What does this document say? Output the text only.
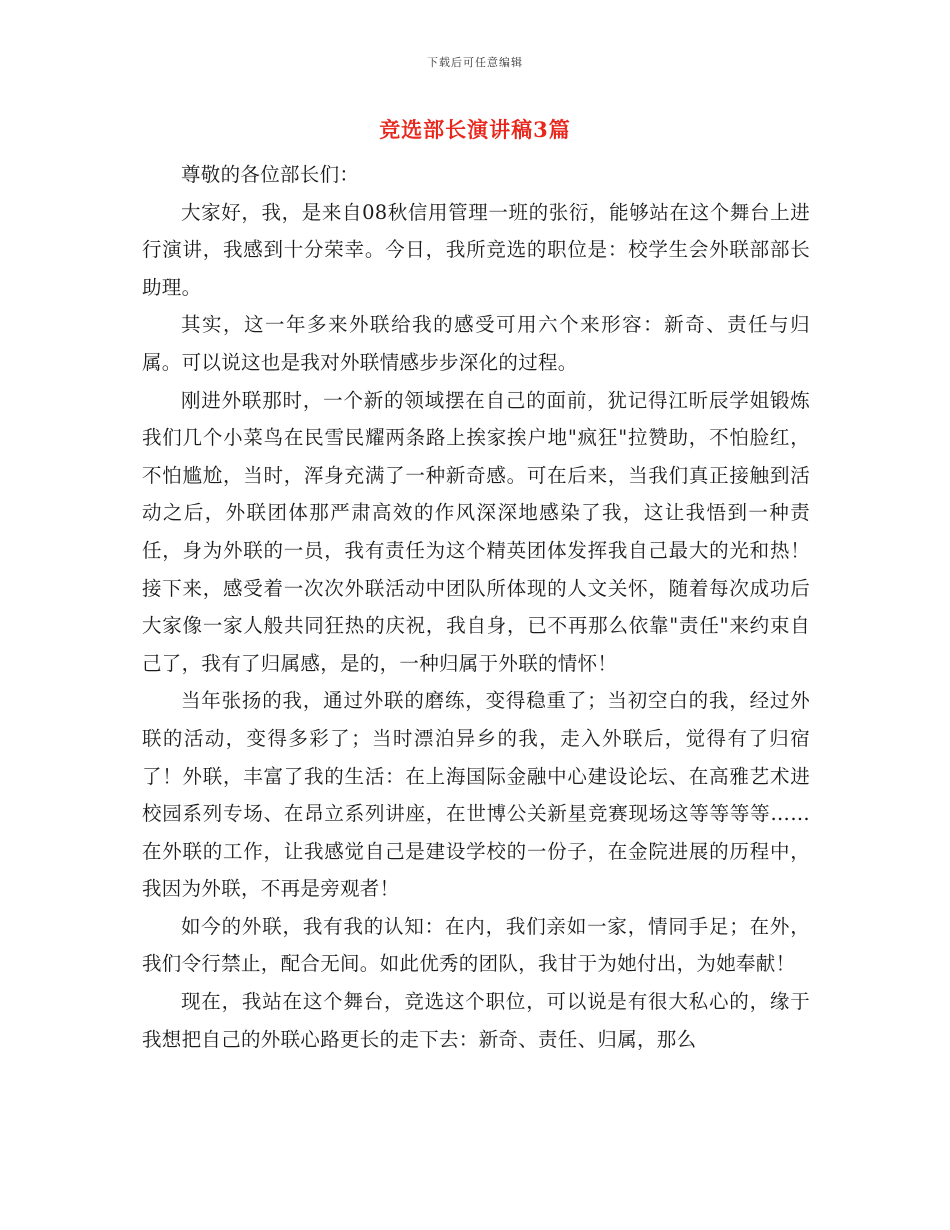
下载后可任意编辑
竞选部长演讲稿3篇

尊敬的各位部长们：

大家好，我，是来自08秋信用管理一班的张衍，能够站在这个舞台上进行演讲，我感到十分荣幸。今日，我所竞选的职位是：校学生会外联部部长助理。

其实，这一年多来外联给我的感受可用六个来形容：新奇、责任与归属。可以说这也是我对外联情感步步深化的过程。

刚进外联那时，一个新的领域摆在自己的面前，犹记得江昕辰学姐锻炼我们几个小菜鸟在民雪民耀两条路上挨家挨户地"疯狂"拉赞助，不怕脸红，不怕尴尬，当时，浑身充满了一种新奇感。可在后来，当我们真正接触到活动之后，外联团体那严肃高效的作风深深地感染了我，这让我悟到一种责任，身为外联的一员，我有责任为这个精英团体发挥我自己最大的光和热！接下来，感受着一次次外联活动中团队所体现的人文关怀，随着每次成功后大家像一家人般共同狂热的庆祝，我自身，已不再那么依靠"责任"来约束自己了，我有了归属感，是的，一种归属于外联的情怀！

当年张扬的我，通过外联的磨练，变得稳重了；当初空白的我，经过外联的活动，变得多彩了；当时漂泊异乡的我，走入外联后，觉得有了归宿了！外联，丰富了我的生活：在上海国际金融中心建设论坛、在高雅艺术进校园系列专场、在昂立系列讲座，在世博公关新星竞赛现场这等等等等……在外联的工作，让我感觉自己是建设学校的一份子，在金院进展的历程中，我因为外联，不再是旁观者！

如今的外联，我有我的认知：在内，我们亲如一家，情同手足；在外，我们令行禁止，配合无间。如此优秀的团队，我甘于为她付出，为她奉献！

现在，我站在这个舞台，竞选这个职位，可以说是有很大私心的，缘于我想把自己的外联心路更长的走下去：新奇、责任、归属，那么
